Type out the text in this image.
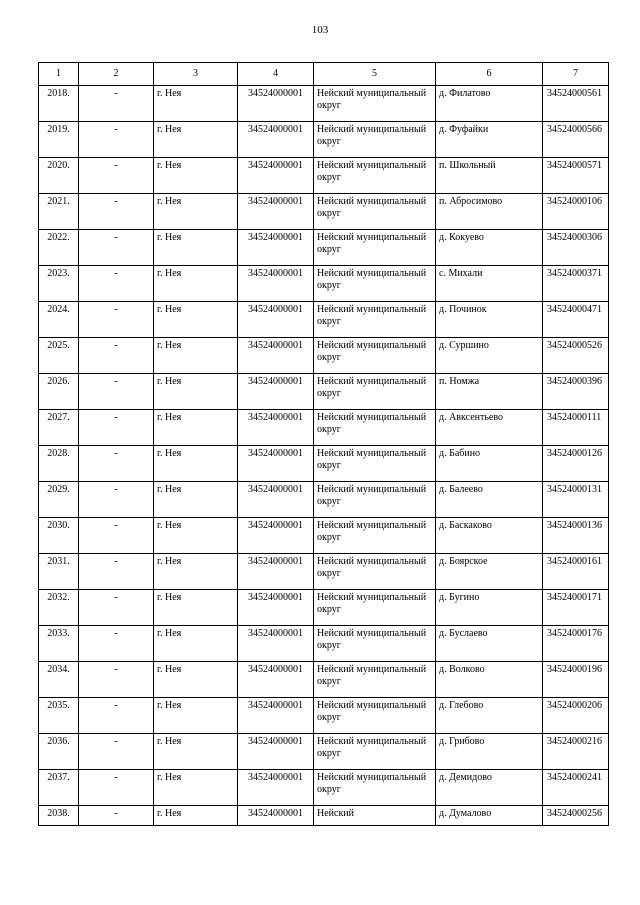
103
1	2	3	4	5	6	7
2018.	-	г. Нея	34524000001	Нейский муниципальный округ	д. Филатово	34524000561
2019.	-	г. Нея	34524000001	Нейский муниципальный округ	д. Фуфайки	34524000566
2020.	-	г. Нея	34524000001	Нейский муниципальный округ	п. Школьный	34524000571
2021.	-	г. Нея	34524000001	Нейский муниципальный округ	п. Абросимово	34524000106
2022.	-	г. Нея	34524000001	Нейский муниципальный округ	д. Кокуево	34524000306
2023.	-	г. Нея	34524000001	Нейский муниципальный округ	с. Михали	34524000371
2024.	-	г. Нея	34524000001	Нейский муниципальный округ	д. Починок	34524000471
2025.	-	г. Нея	34524000001	Нейский муниципальный округ	д. Суршино	34524000526
2026.	-	г. Нея	34524000001	Нейский муниципальный округ	п. Номжа	34524000396
2027.	-	г. Нея	34524000001	Нейский муниципальный округ	д. Авксентьево	34524000111
2028.	-	г. Нея	34524000001	Нейский муниципальный округ	д. Бабино	34524000126
2029.	-	г. Нея	34524000001	Нейский муниципальный округ	д. Балеево	34524000131
2030.	-	г. Нея	34524000001	Нейский муниципальный округ	д. Баскаково	34524000136
2031.	-	г. Нея	34524000001	Нейский муниципальный округ	д. Боярское	34524000161
2032.	-	г. Нея	34524000001	Нейский муниципальный округ	д. Бугино	34524000171
2033.	-	г. Нея	34524000001	Нейский муниципальный округ	д. Буслаево	34524000176
2034.	-	г. Нея	34524000001	Нейский муниципальный округ	д. Волково	34524000196
2035.	-	г. Нея	34524000001	Нейский муниципальный округ	д. Глебово	34524000206
2036.	-	г. Нея	34524000001	Нейский муниципальный округ	д. Грибово	34524000216
2037.	-	г. Нея	34524000001	Нейский муниципальный округ	д. Демидово	34524000241
2038.	-	г. Нея	34524000001	Нейский	д. Думалово	34524000256
